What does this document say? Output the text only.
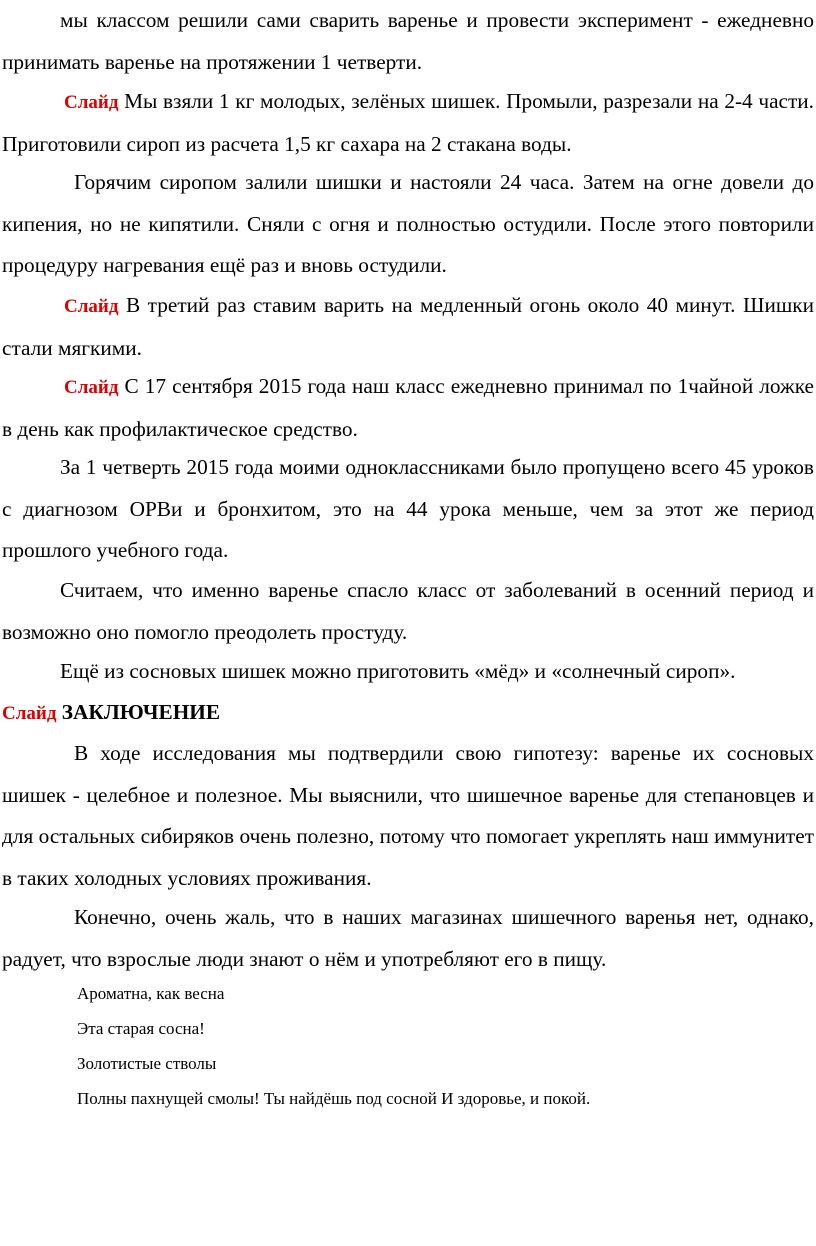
мы классом решили сами сварить варенье и провести эксперимент - ежедневно принимать варенье на протяжении 1 четверти.

Слайд Мы взяли 1 кг молодых, зелёных шишек. Промыли, разрезали на 2-4 части. Приготовили сироп из расчета 1,5 кг сахара на 2 стакана воды.

Горячим сиропом залили шишки и настояли 24 часа. Затем на огне довели до кипения, но не кипятили. Сняли с огня и полностью остудили. После этого повторили процедуру нагревания ещё раз и вновь остудили.

Слайд В третий раз ставим варить на медленный огонь около 40 минут. Шишки стали мягкими.

Слайд С 17 сентября 2015 года наш класс ежедневно принимал по 1чайной ложке в день как профилактическое средство.

За 1 четверть 2015 года моими одноклассниками было пропущено всего 45 уроков с диагнозом ОРВи и бронхитом, это на 44 урока меньше, чем за этот же период прошлого учебного года.

Считаем, что именно варенье спасло класс от заболеваний в осенний период и возможно оно помогло преодолеть простуду.

Ещё из сосновых шишек можно приготовить «мёд» и «солнечный сироп».

Слайд ЗАКЛЮЧЕНИЕ

В ходе исследования мы подтвердили свою гипотезу: варенье их сосновых шишек - целебное и полезное. Мы выяснили, что шишечное варенье для степановцев и для остальных сибиряков очень полезно, потому что помогает укреплять наш иммунитет в таких холодных условиях проживания.

Конечно, очень жаль, что в наших магазинах шишечного варенья нет, однако, радует, что взрослые люди знают о нём и употребляют его в пищу.

Ароматна, как весна

Эта старая сосна!

Золотистые стволы

Полны пахнущей смолы! Ты найдёшь под сосной И здоровье, и покой.
